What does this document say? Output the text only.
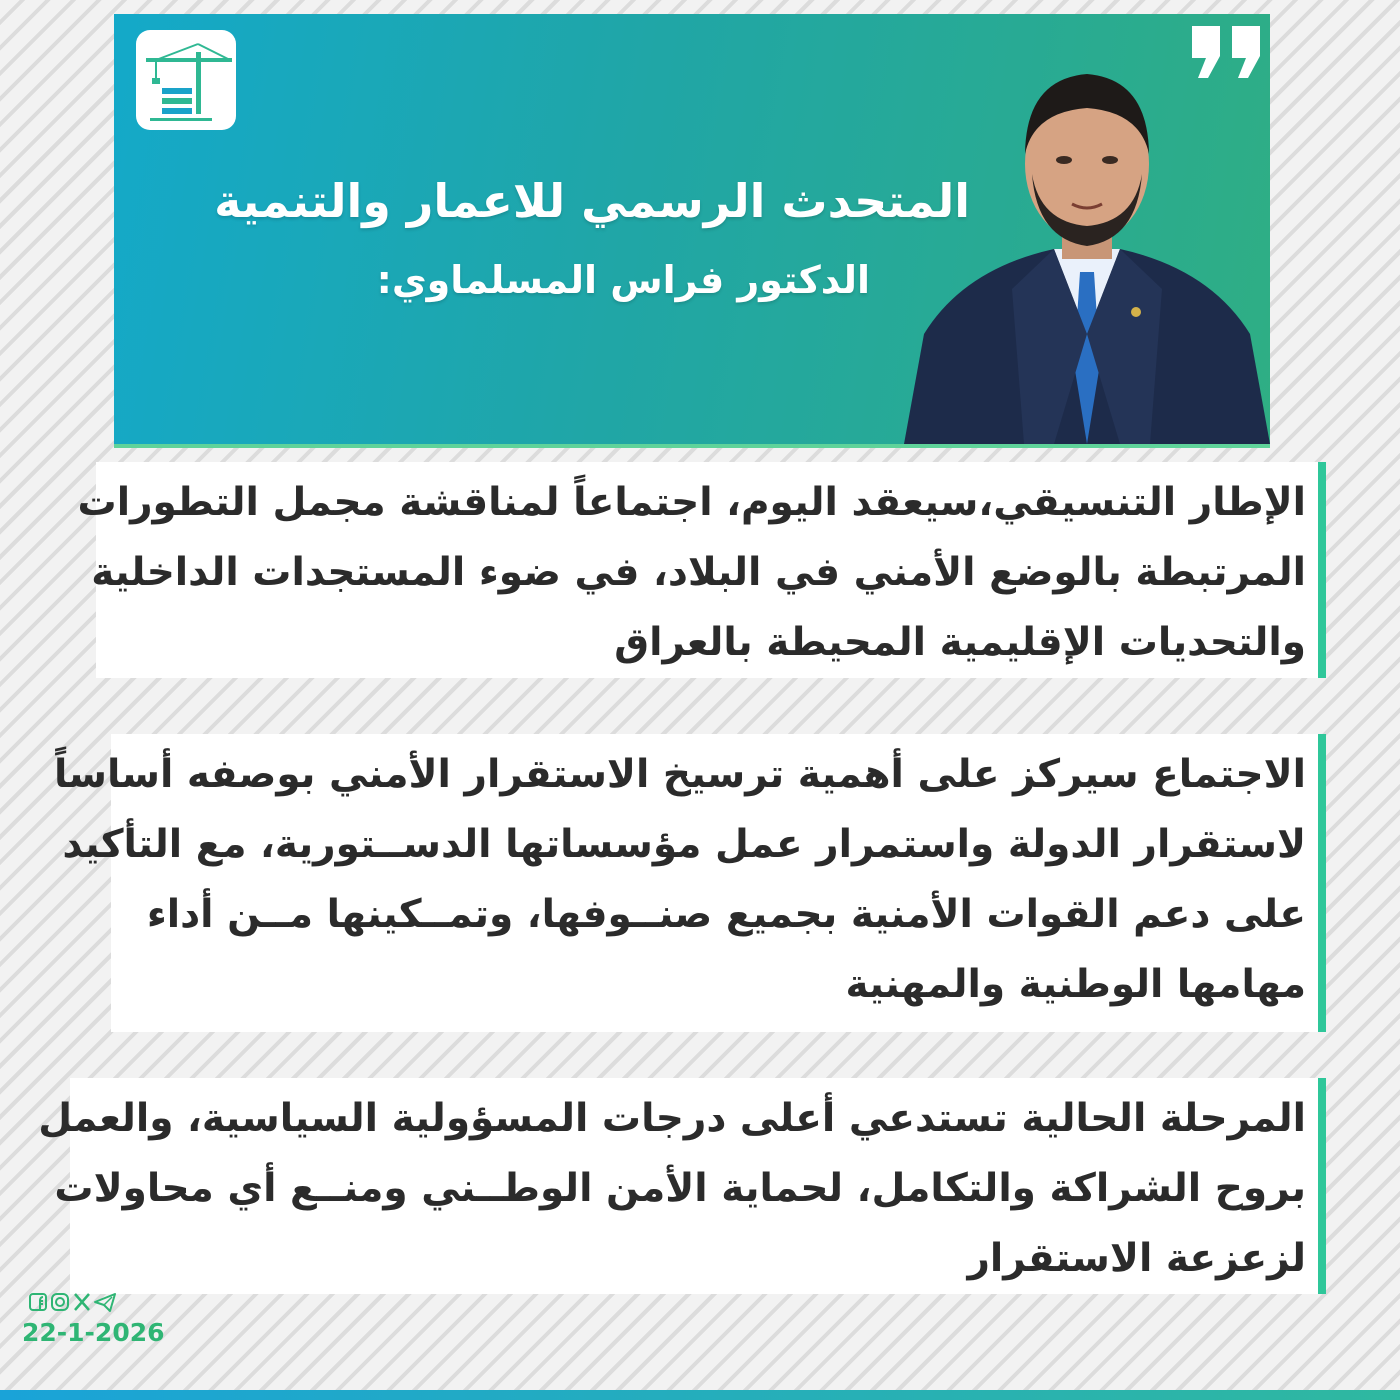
المتحدث الرسمي للاعمار والتنمية
الدكتور فراس المسلماوي:
الإطار التنسيقي،سيعقد اليوم، اجتماعاً لمناقشة مجمل التطورات
المرتبطة بالوضع الأمني في البلاد، في ضوء المستجدات الداخلية
والتحديات الإقليمية المحيطة بالعراق
الاجتماع سيركز على أهمية ترسيخ الاستقرار الأمني بوصفه أساساً
لاستقرار الدولة واستمرار عمل مؤسساتها الدســتورية، مع التأكيد
على دعم القوات الأمنية بجميع صنــوفها، وتمــكينها مــن أداء
مهامها الوطنية والمهنية
المرحلة الحالية تستدعي أعلى درجات المسؤولية السياسية، والعمل
بروح الشراكة والتكامل، لحماية الأمن الوطــني ومنــع أي محاولات
لزعزعة الاستقرار

22-1-2026
